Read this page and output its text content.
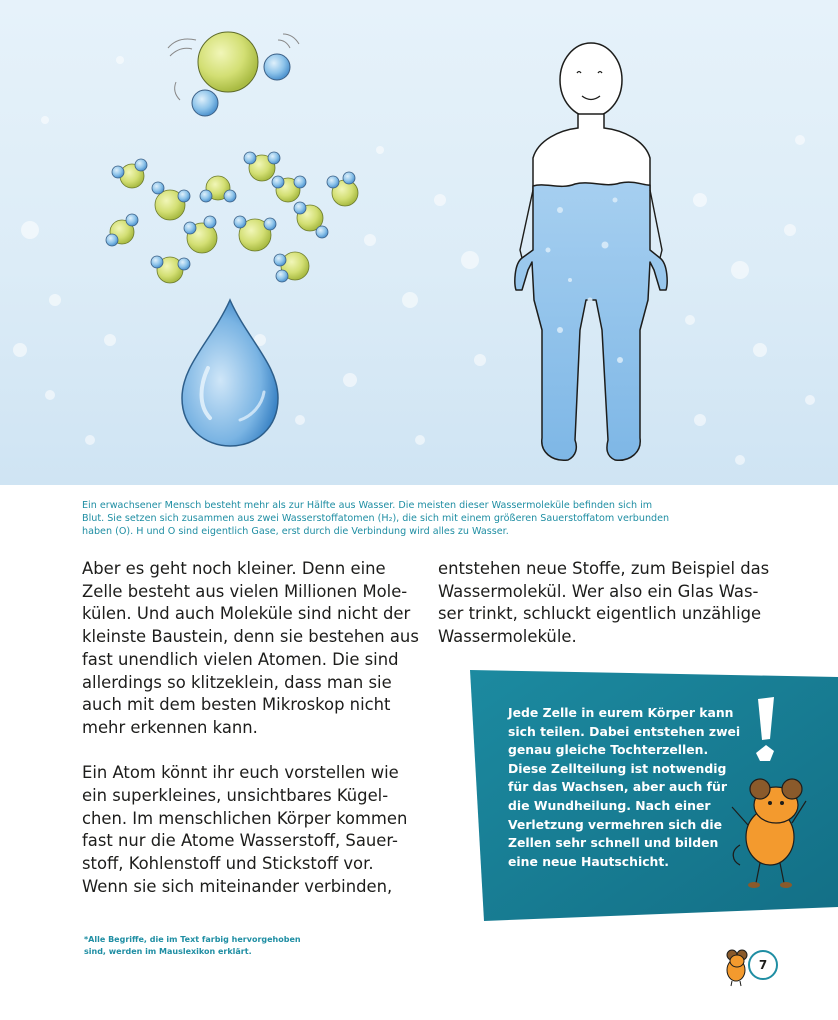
Ein erwachsener Mensch besteht mehr als zur Hälfte aus Wasser. Die meisten dieser Wassermoleküle befinden sich im

Blut. Sie setzen sich zusammen aus zwei Wasserstoffatomen (H₂), die sich mit einem größeren Sauerstoffatom verbunden

haben (O). H und O sind eigentlich Gase, erst durch die Verbindung wird alles zu Wasser.

Aber es geht noch kleiner. Denn eine
Zelle besteht aus vielen Millionen Mole-
külen. Und auch Moleküle sind nicht der
kleinste Baustein, denn sie bestehen aus
fast unendlich vielen Atomen. Die sind
allerdings so klitzeklein, dass man sie
auch mit dem besten Mikroskop nicht
mehr erkennen kann.
Ein Atom könnt ihr euch vorstellen wie
ein superkleines, unsichtbares Kügel-
chen. Im menschlichen Körper kommen
fast nur die Atome Wasserstoff, Sauer-
stoff, Kohlenstoff und Stickstoff vor.
Wenn sie sich miteinander verbinden,
entstehen neue Stoffe, zum Beispiel das
Wassermolekül. Wer also ein Glas Was-
ser trinkt, schluckt eigentlich unzählige
Wassermoleküle.
Jede Zelle in eurem Körper kann
sich teilen. Dabei entstehen zwei
genau gleiche Tochterzellen.
Diese Zellteilung ist notwendig
für das Wachsen, aber auch für
die Wundheilung. Nach einer
Verletzung vermehren sich die
Zellen sehr schnell und bilden
eine neue Hautschicht.
*Alle Begriffe, die im Text farbig hervorgehoben
sind, werden im Mauslexikon erklärt.
7
